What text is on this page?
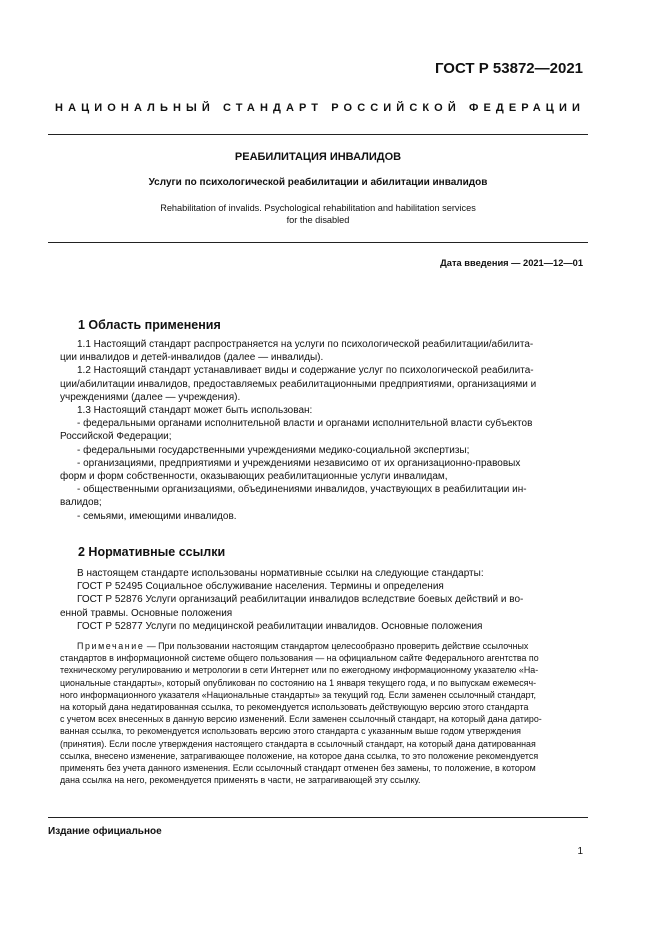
ГОСТ Р 53872—2021
НАЦИОНАЛЬНЫЙ СТАНДАРТ РОССИЙСКОЙ ФЕДЕРАЦИИ
РЕАБИЛИТАЦИЯ ИНВАЛИДОВ
Услуги по психологической реабилитации и абилитации инвалидов
Rehabilitation of invalids. Psychological rehabilitation and habilitation services
for the disabled
Дата введения — 2021—12—01
1 Область применения
1.1 Настоящий стандарт распространяется на услуги по психологической реабилитации/абилита-
ции инвалидов и детей-инвалидов (далее — инвалиды).
1.2 Настоящий стандарт устанавливает виды и содержание услуг по психологической реабилита-
ции/абилитации инвалидов, предоставляемых реабилитационными предприятиями, организациями и
учреждениями (далее — учреждения).
1.3 Настоящий стандарт может быть использован:
- федеральными органами исполнительной власти и органами исполнительной власти субъектов
Российской Федерации;
- федеральными государственными учреждениями медико-социальной экспертизы;
- организациями, предприятиями и учреждениями независимо от их организационно-правовых
форм и форм собственности, оказывающих реабилитационные услуги инвалидам,
- общественными организациями, объединениями инвалидов, участвующих в реабилитации ин-
валидов;
- семьями, имеющими инвалидов.
2 Нормативные ссылки
В настоящем стандарте использованы нормативные ссылки на следующие стандарты:
ГОСТ Р 52495 Социальное обслуживание населения. Термины и определения
ГОСТ Р 52876 Услуги организаций реабилитации инвалидов вследствие боевых действий и во-
енной травмы. Основные положения
ГОСТ Р 52877 Услуги по медицинской реабилитации инвалидов. Основные положения
Примечание — При пользовании настоящим стандартом целесообразно проверить действие ссылочных
стандартов в информационной системе общего пользования — на официальном сайте Федерального агентства по
техническому регулированию и метрологии в сети Интернет или по ежегодному информационному указателю «На-
циональные стандарты», который опубликован по состоянию на 1 января текущего года, и по выпускам ежемесяч-
ного информационного указателя «Национальные стандарты» за текущий год. Если заменен ссылочный стандарт,
на который дана недатированная ссылка, то рекомендуется использовать действующую версию этого стандарта
с учетом всех внесенных в данную версию изменений. Если заменен ссылочный стандарт, на который дана датиро-
ванная ссылка, то рекомендуется использовать версию этого стандарта с указанным выше годом утверждения
(принятия). Если после утверждения настоящего стандарта в ссылочный стандарт, на который дана датированная
ссылка, внесено изменение, затрагивающее положение, на которое дана ссылка, то это положение рекомендуется
применять без учета данного изменения. Если ссылочный стандарт отменен без замены, то положение, в котором
дана ссылка на него, рекомендуется применять в части, не затрагивающей эту ссылку.
Издание официальное
1
